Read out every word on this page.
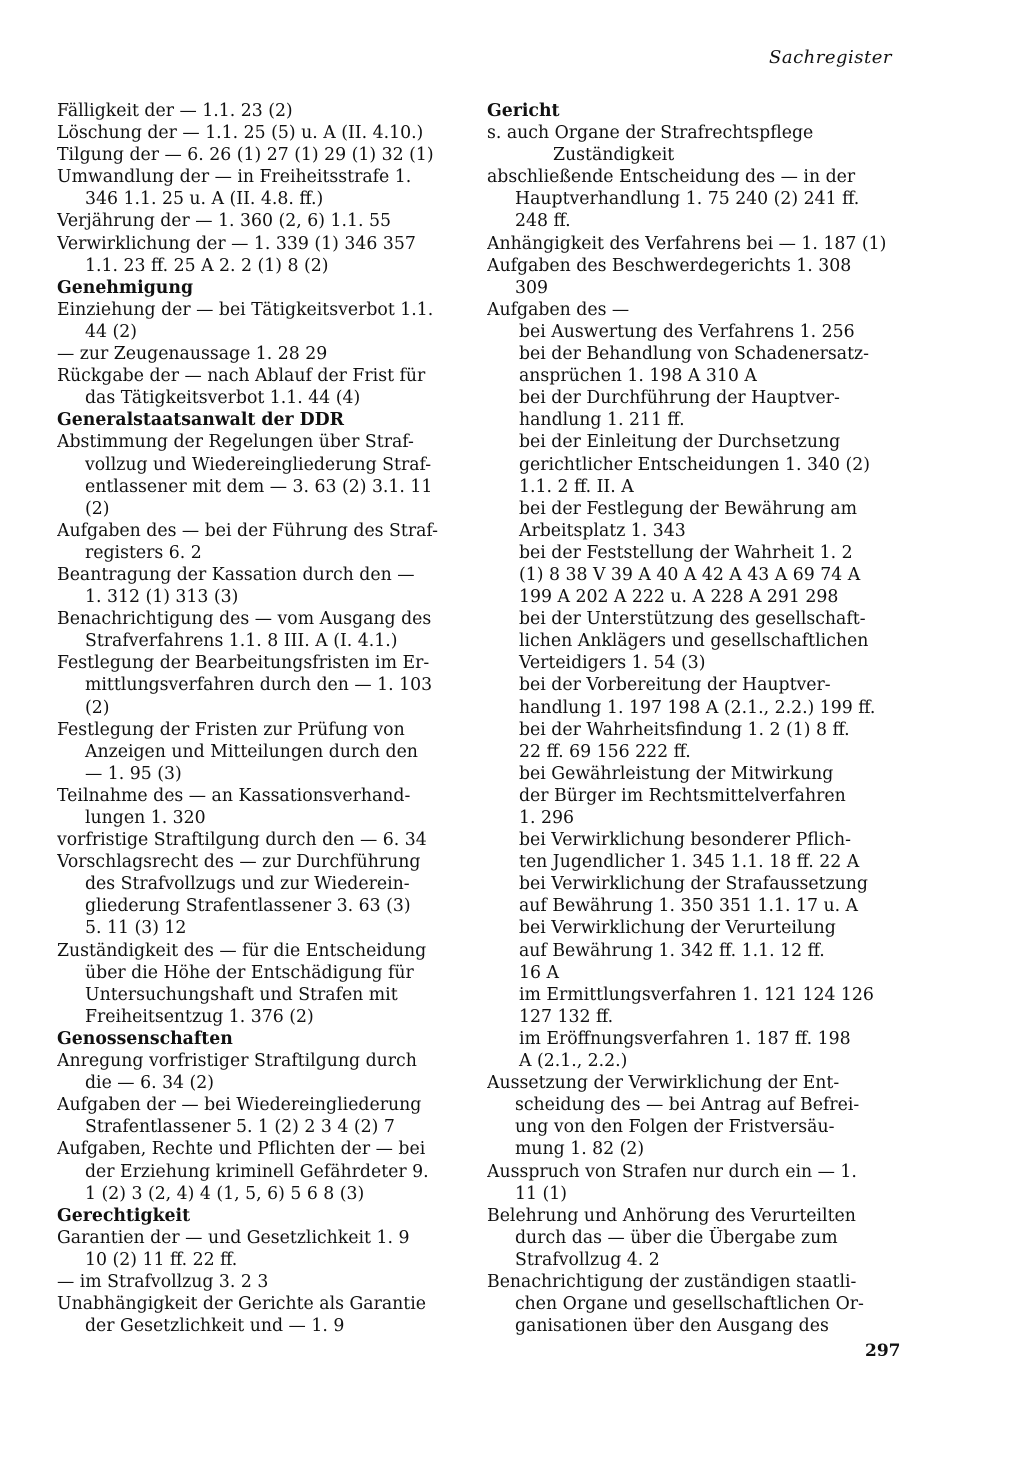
Sachregister
Fälligkeit der — 1.1. 23 (2)
Löschung der — 1.1. 25 (5) u. A (II. 4.10.)
Tilgung der — 6. 26 (1) 27 (1) 29 (1) 32 (1)
Umwandlung der — in Freiheitsstrafe 1.
346 1.1. 25 u. A (II. 4.8. ff.)
Verjährung der — 1. 360 (2, 6) 1.1. 55
Verwirklichung der — 1. 339 (1) 346 357
1.1. 23 ff. 25 A 2. 2 (1) 8 (2)
Genehmigung
Einziehung der — bei Tätigkeitsverbot 1.1.
44 (2)
— zur Zeugenaussage 1. 28 29
Rückgabe der — nach Ablauf der Frist für
das Tätigkeitsverbot 1.1. 44 (4)
Generalstaatsanwalt der DDR
Abstimmung der Regelungen über Straf-
vollzug und Wiedereingliederung Straf-
entlassener mit dem — 3. 63 (2) 3.1. 11
(2)
Aufgaben des — bei der Führung des Straf-
registers 6. 2
Beantragung der Kassation durch den —
1. 312 (1) 313 (3)
Benachrichtigung des — vom Ausgang des
Strafverfahrens 1.1. 8 III. A (I. 4.1.)
Festlegung der Bearbeitungsfristen im Er-
mittlungsverfahren durch den — 1. 103
(2)
Festlegung der Fristen zur Prüfung von
Anzeigen und Mitteilungen durch den
— 1. 95 (3)
Teilnahme des — an Kassationsverhand-
lungen 1. 320
vorfristige Straftilgung durch den — 6. 34
Vorschlagsrecht des — zur Durchführung
des Strafvollzugs und zur Wiederein-
gliederung Strafentlassener 3. 63 (3)
5. 11 (3) 12
Zuständigkeit des — für die Entscheidung
über die Höhe der Entschädigung für
Untersuchungshaft und Strafen mit
Freiheitsentzug 1. 376 (2)
Genossenschaften
Anregung vorfristiger Straftilgung durch
die — 6. 34 (2)
Aufgaben der — bei Wiedereingliederung
Strafentlassener 5. 1 (2) 2 3 4 (2) 7
Aufgaben, Rechte und Pflichten der — bei
der Erziehung kriminell Gefährdeter 9.
1 (2) 3 (2, 4) 4 (1, 5, 6) 5 6 8 (3)
Gerechtigkeit
Garantien der — und Gesetzlichkeit 1. 9
10 (2) 11 ff. 22 ff.
— im Strafvollzug 3. 2 3
Unabhängigkeit der Gerichte als Garantie
der Gesetzlichkeit und — 1. 9
Gericht
s. auch Organe der Strafrechtspflege
Zuständigkeit
abschließende Entscheidung des — in der
Hauptverhandlung 1. 75 240 (2) 241 ff.
248 ff.
Anhängigkeit des Verfahrens bei — 1. 187 (1)
Aufgaben des Beschwerdegerichts 1. 308
309
Aufgaben des —
bei Auswertung des Verfahrens 1. 256
bei der Behandlung von Schadenersatz-
ansprüchen 1. 198 A 310 A
bei der Durchführung der Hauptver-
handlung 1. 211 ff.
bei der Einleitung der Durchsetzung
gerichtlicher Entscheidungen 1. 340 (2)
1.1. 2 ff. II. A
bei der Festlegung der Bewährung am
Arbeitsplatz 1. 343
bei der Feststellung der Wahrheit 1. 2
(1) 8 38 V 39 A 40 A 42 A 43 A 69 74 A
199 A 202 A 222 u. A 228 A 291 298
bei der Unterstützung des gesellschaft-
lichen Anklägers und gesellschaftlichen
Verteidigers 1. 54 (3)
bei der Vorbereitung der Hauptver-
handlung 1. 197 198 A (2.1., 2.2.) 199 ff.
bei der Wahrheitsfindung 1. 2 (1) 8 ff.
22 ff. 69 156 222 ff.
bei Gewährleistung der Mitwirkung
der Bürger im Rechtsmittelverfahren
1. 296
bei Verwirklichung besonderer Pflich-
ten Jugendlicher 1. 345 1.1. 18 ff. 22 A
bei Verwirklichung der Strafaussetzung
auf Bewährung 1. 350 351 1.1. 17 u. A
bei Verwirklichung der Verurteilung
auf Bewährung 1. 342 ff. 1.1. 12 ff.
16 A
im Ermittlungsverfahren 1. 121 124 126
127 132 ff.
im Eröffnungsverfahren 1. 187 ff. 198
A (2.1., 2.2.)
Aussetzung der Verwirklichung der Ent-
scheidung des — bei Antrag auf Befrei-
ung von den Folgen der Fristversäu-
mung 1. 82 (2)
Ausspruch von Strafen nur durch ein — 1.
11 (1)
Belehrung und Anhörung des Verurteilten
durch das — über die Übergabe zum
Strafvollzug 4. 2
Benachrichtigung der zuständigen staatli-
chen Organe und gesellschaftlichen Or-
ganisationen über den Ausgang des
297
